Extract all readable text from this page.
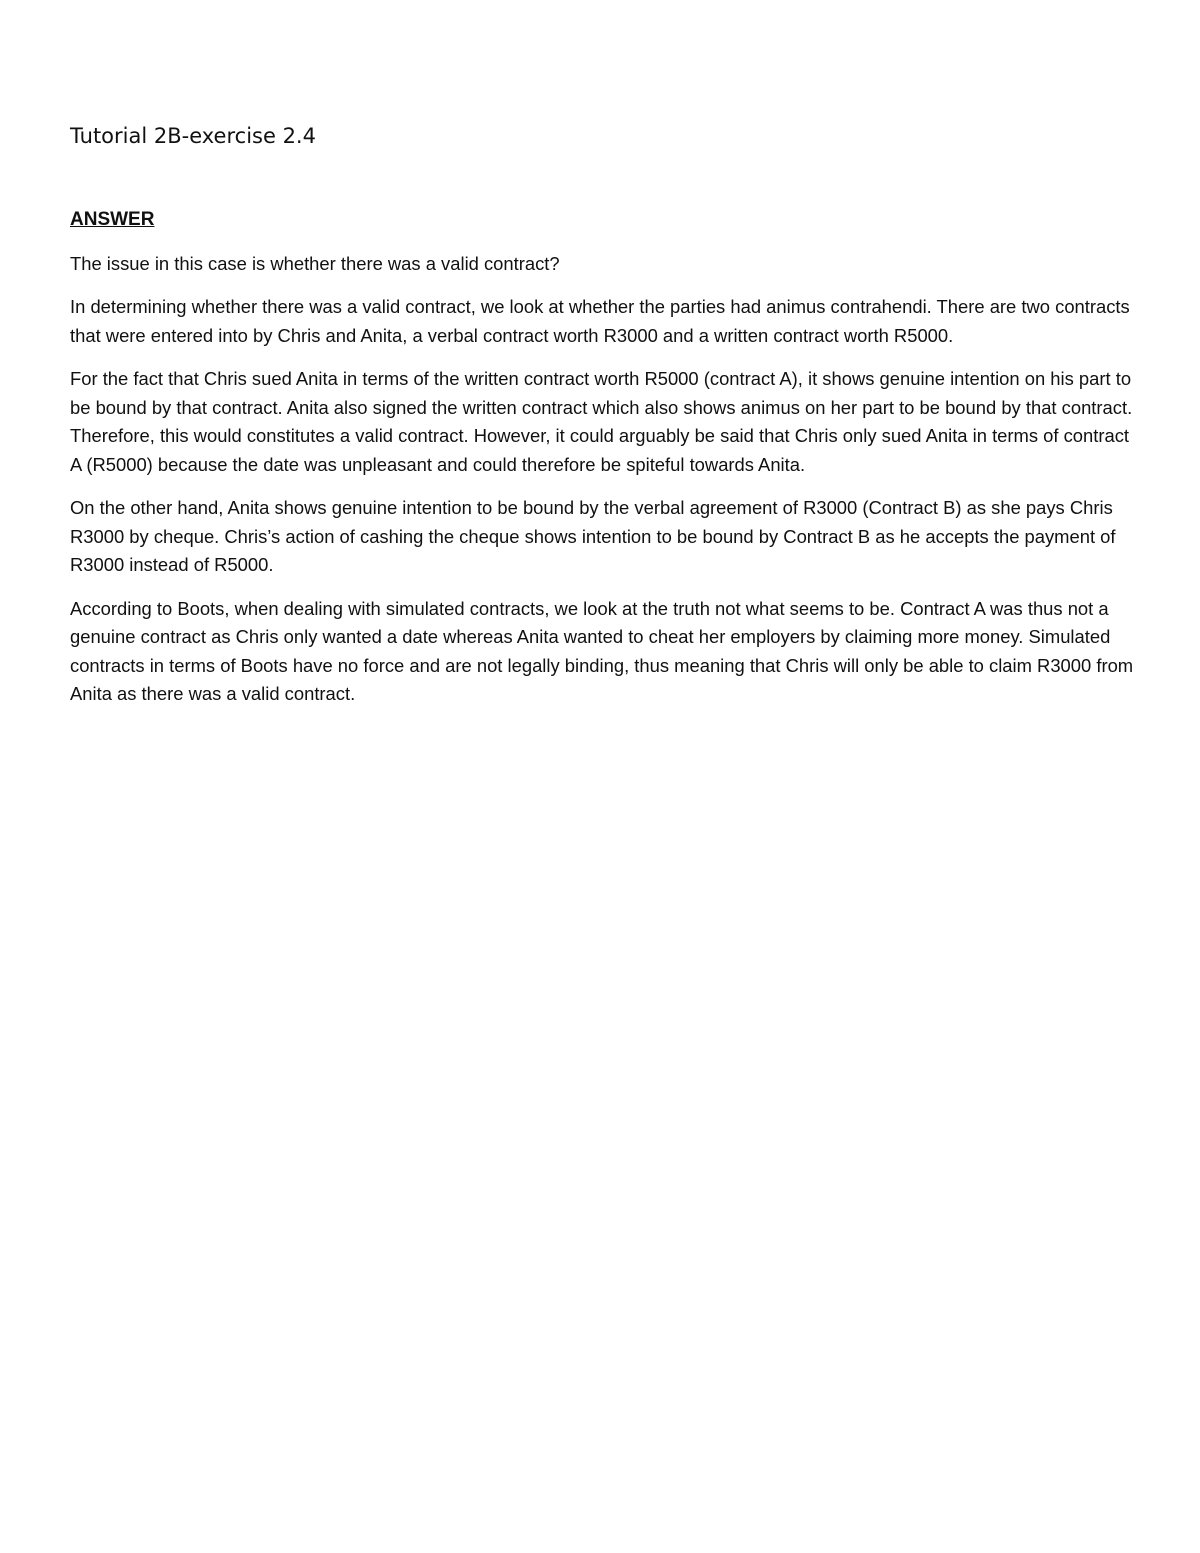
Tutorial 2B-exercise 2.4
ANSWER

The issue in this case is whether there was a valid contract?

In determining whether there was a valid contract, we look at whether the parties had animus contrahendi. There are two contracts that were entered into by Chris and Anita, a verbal contract worth R3000 and a written contract worth R5000.

For the fact that Chris sued Anita in terms of the written contract worth R5000 (contract A), it shows genuine intention on his part to be bound by that contract. Anita also signed the written contract which also shows animus on her part to be bound by that contract. Therefore, this would constitutes a valid contract. However, it could arguably be said that Chris only sued Anita in terms of contract A (R5000) because the date was unpleasant and could therefore be spiteful towards Anita.

On the other hand, Anita shows genuine intention to be bound by the verbal agreement of R3000 (Contract B) as she pays Chris R3000 by cheque. Chris’s action of cashing the cheque shows intention to be bound by Contract B as he accepts the payment of R3000 instead of R5000.

According to Boots, when dealing with simulated contracts, we look at the truth not what seems to be. Contract A was thus not a genuine contract as Chris only wanted a date whereas Anita wanted to cheat her employers by claiming more money. Simulated contracts in terms of Boots have no force and are not legally binding, thus meaning that Chris will only be able to claim R3000 from Anita as there was a valid contract.
